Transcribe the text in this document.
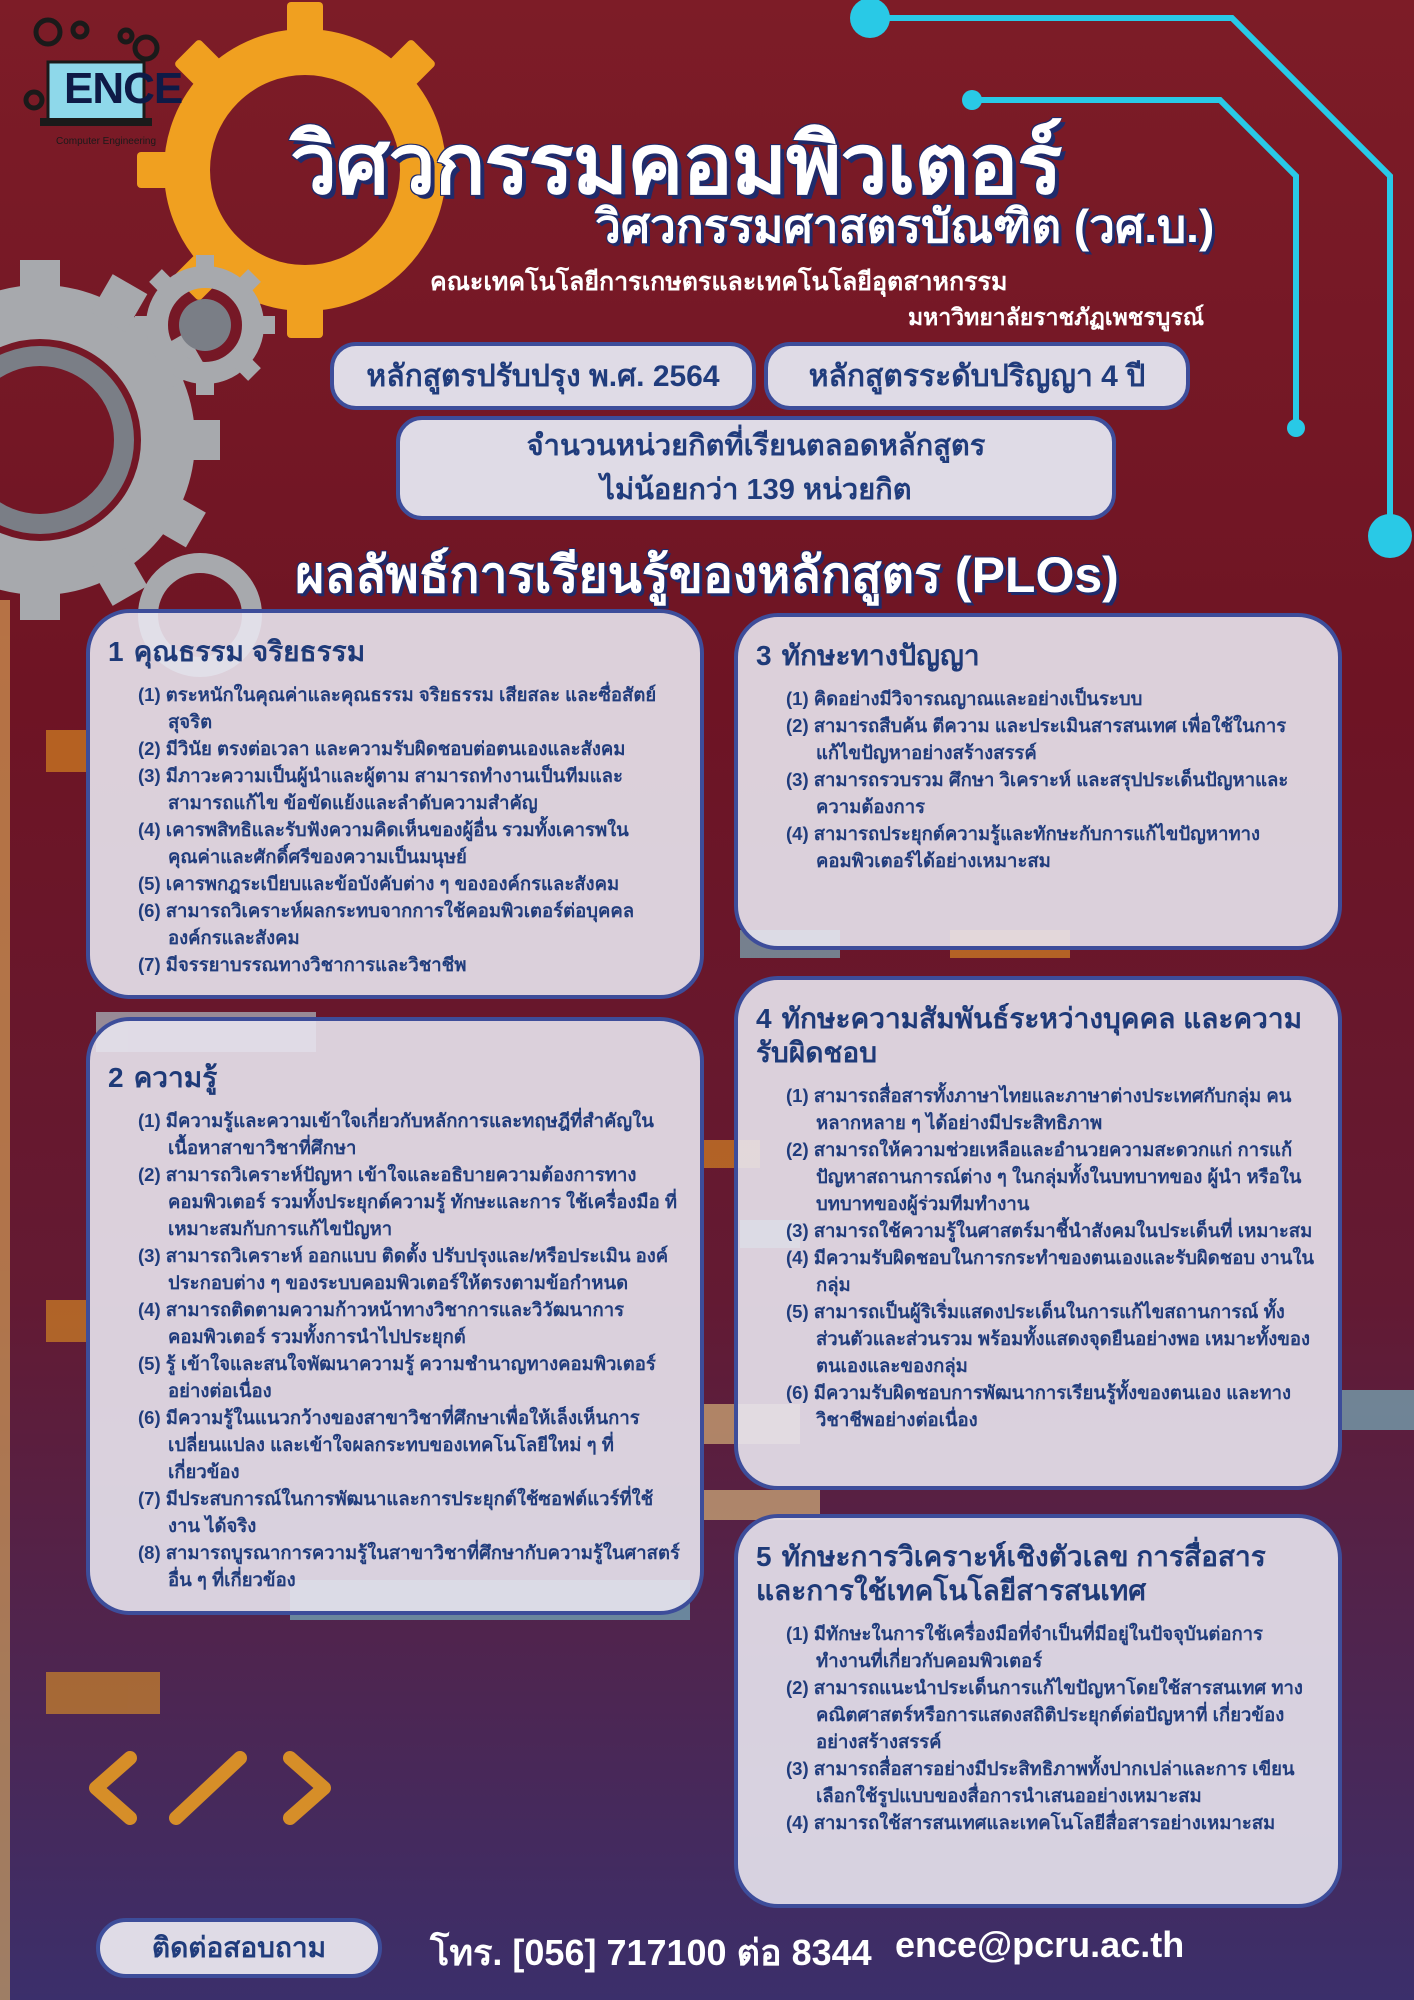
ENCE
Computer Engineering วิศวกรรมคอมพิวเตอร์
วิศวกรรมศาสตรบัณฑิต (วศ.บ.)
คณะเทคโนโลยีการเกษตรและเทคโนโลยีอุตสาหกรรม
มหาวิทยาลัยราชภัฏเพชรบูรณ์
หลักสูตรปรับปรุง พ.ศ. 2564	หลักสูตรระดับปริญญา 4 ปี
จำนวนหน่วยกิตที่เรียนตลอดหลักสูตร
ไม่น้อยกว่า 139 หน่วยกิต
ผลลัพธ์การเรียนรู้ของหลักสูตร (PLOs)
1 คุณธรรม จริยธรรม
(1) ตระหนักในคุณค่าและคุณธรรม จริยธรรม เสียสละ และซื่อสัตย์สุจริต
(2) มีวินัย ตรงต่อเวลา และความรับผิดชอบต่อตนเองและสังคม
(3) มีภาวะความเป็นผู้นำและผู้ตาม สามารถทำงานเป็นทีมและ สามารถแก้ไข ข้อขัดแย้งและลำดับความสำคัญ
(4) เคารพสิทธิและรับฟังความคิดเห็นของผู้อื่น รวมทั้งเคารพใน คุณค่าและศักดิ์ศรีของความเป็นมนุษย์
(5) เคารพกฎระเบียบและข้อบังคับต่าง ๆ ขององค์กรและสังคม
(6) สามารถวิเคราะห์ผลกระทบจากการใช้คอมพิวเตอร์ต่อบุคคล องค์กรและสังคม
(7) มีจรรยาบรรณทางวิชาการและวิชาชีพ
3 ทักษะทางปัญญา
(1) คิดอย่างมีวิจารณญาณและอย่างเป็นระบบ
(2) สามารถสืบค้น ตีความ และประเมินสารสนเทศ เพื่อใช้ในการ แก้ไขปัญหาอย่างสร้างสรรค์
(3) สามารถรวบรวม ศึกษา วิเคราะห์ และสรุปประเด็นปัญหาและ ความต้องการ
(4) สามารถประยุกต์ความรู้และทักษะกับการแก้ไขปัญหาทาง คอมพิวเตอร์ได้อย่างเหมาะสม
2 ความรู้
(1) มีความรู้และความเข้าใจเกี่ยวกับหลักการและทฤษฎีที่สำคัญใน เนื้อหาสาขาวิชาที่ศึกษา
(2) สามารถวิเคราะห์ปัญหา เข้าใจและอธิบายความต้องการทาง คอมพิวเตอร์ รวมทั้งประยุกต์ความรู้ ทักษะและการ ใช้เครื่องมือ ที่เหมาะสมกับการแก้ไขปัญหา
(3) สามารถวิเคราะห์ ออกแบบ ติดตั้ง ปรับปรุงและ/หรือประเมิน องค์ประกอบต่าง ๆ ของระบบคอมพิวเตอร์ให้ตรงตามข้อกำหนด
(4) สามารถติดตามความก้าวหน้าทางวิชาการและวิวัฒนาการ คอมพิวเตอร์ รวมทั้งการนำไปประยุกต์
(5) รู้ เข้าใจและสนใจพัฒนาความรู้ ความชำนาญทางคอมพิวเตอร์ อย่างต่อเนื่อง
(6) มีความรู้ในแนวกว้างของสาขาวิชาที่ศึกษาเพื่อให้เล็งเห็นการ เปลี่ยนแปลง และเข้าใจผลกระทบของเทคโนโลยีใหม่ ๆ ที่เกี่ยวข้อง
(7) มีประสบการณ์ในการพัฒนาและการประยุกต์ใช้ซอฟต์แวร์ที่ใช้งาน ได้จริง
(8) สามารถบูรณาการความรู้ในสาขาวิชาที่ศึกษากับความรู้ในศาสตร์ อื่น ๆ ที่เกี่ยวข้อง
4 ทักษะความสัมพันธ์ระหว่างบุคคล และความรับผิดชอบ
(1) สามารถสื่อสารทั้งภาษาไทยและภาษาต่างประเทศกับกลุ่ม คนหลากหลาย ๆ ได้อย่างมีประสิทธิภาพ
(2) สามารถให้ความช่วยเหลือและอำนวยความสะดวกแก่ การแก้ปัญหาสถานการณ์ต่าง ๆ ในกลุ่มทั้งในบทบาทของ ผู้นำ หรือในบทบาทของผู้ร่วมทีมทำงาน
(3) สามารถใช้ความรู้ในศาสตร์มาชี้นำสังคมในประเด็นที่ เหมาะสม
(4) มีความรับผิดชอบในการกระทำของตนเองและรับผิดชอบ งานในกลุ่ม
(5) สามารถเป็นผู้ริเริ่มแสดงประเด็นในการแก้ไขสถานการณ์ ทั้งส่วนตัวและส่วนรวม พร้อมทั้งแสดงจุดยืนอย่างพอ เหมาะทั้งของตนเองและของกลุ่ม
(6) มีความรับผิดชอบการพัฒนาการเรียนรู้ทั้งของตนเอง และทางวิชาชีพอย่างต่อเนื่อง
5 ทักษะการวิเคราะห์เชิงตัวเลข การสื่อสาร และการใช้เทคโนโลยีสารสนเทศ
(1) มีทักษะในการใช้เครื่องมือที่จำเป็นที่มีอยู่ในปัจจุบันต่อการ ทำงานที่เกี่ยวกับคอมพิวเตอร์
(2) สามารถแนะนำประเด็นการแก้ไขปัญหาโดยใช้สารสนเทศ ทางคณิตศาสตร์หรือการแสดงสถิติประยุกต์ต่อปัญหาที่ เกี่ยวข้องอย่างสร้างสรรค์
(3) สามารถสื่อสารอย่างมีประสิทธิภาพทั้งปากเปล่าและการ เขียน เลือกใช้รูปแบบของสื่อการนำเสนออย่างเหมาะสม
(4) สามารถใช้สารสนเทศและเทคโนโลยีสื่อสารอย่างเหมาะสม
ติดต่อสอบถาม	โทร. [056] 717100 ต่อ 8344 ence@pcru.ac.th
